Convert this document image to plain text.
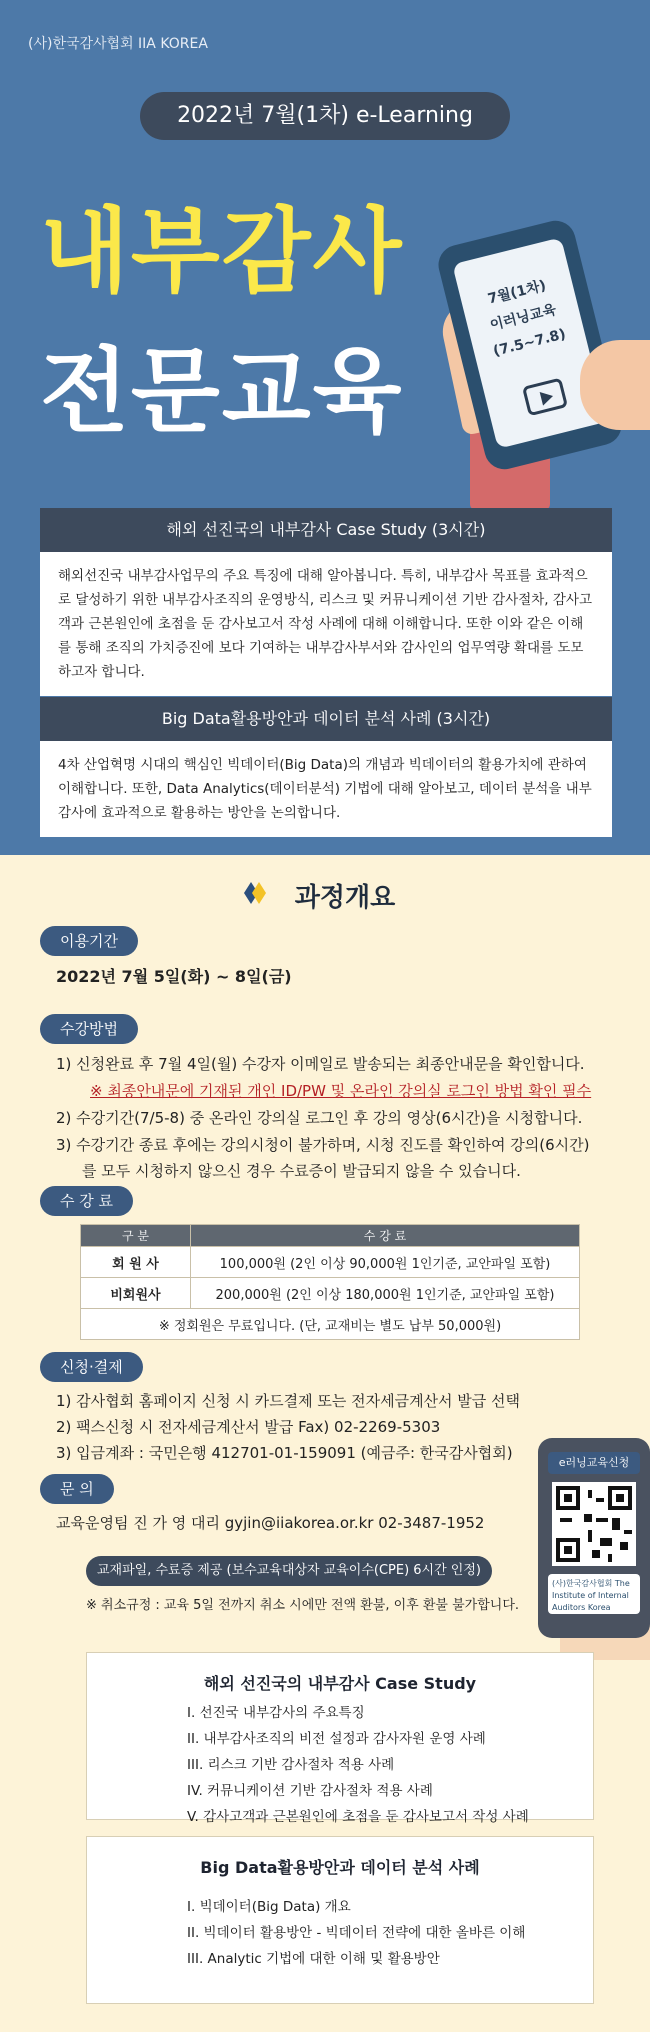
(사)한국감사협회 IIA KOREA
2022년 7월(1차) e-Learning
내부감사
전문교육
7월(1차)
이러닝교육
(7.5~7.8)
해외 선진국의 내부감사 Case Study (3시간)
해외선진국 내부감사업무의 주요 특징에 대해 알아봅니다. 특히, 내부감사 목표를 효과적으로 달성하기 위한 내부감사조직의 운영방식, 리스크 및 커뮤니케이션 기반 감사절차, 감사고객과 근본원인에 초점을 둔 감사보고서 작성 사례에 대해 이해합니다. 또한 이와 같은 이해를 통해 조직의 가치증진에 보다 기여하는 내부감사부서와 감사인의 업무역량 확대를 도모하고자 합니다.
Big Data활용방안과 데이터 분석 사례 (3시간)
4차 산업혁명 시대의 핵심인 빅데이터(Big Data)의 개념과 빅데이터의 활용가치에 관하여 이해합니다. 또한, Data Analytics(데이터분석) 기법에 대해 알아보고, 데이터 분석을 내부감사에 효과적으로 활용하는 방안을 논의합니다.
과정개요
이용기간
2022년 7월 5일(화) ~ 8일(금)
수강방법
1) 신청완료 후 7월 4일(월) 수강자 이메일로 발송되는 최종안내문을 확인합니다.
※ 최종안내문에 기재된 개인 ID/PW 및 온라인 강의실 로그인 방법 확인 필수
2) 수강기간(7/5-8) 중 온라인 강의실 로그인 후 강의 영상(6시간)을 시청합니다.
3) 수강기간 종료 후에는 강의시청이 불가하며, 시청 진도를 확인하여 강의(6시간)
를 모두 시청하지 않으신 경우 수료증이 발급되지 않을 수 있습니다.
수 강 료
구 분	수 강 료
회 원 사	100,000원 (2인 이상 90,000원 1인기준, 교안파일 포함)
비회원사	200,000원 (2인 이상 180,000원 1인기준, 교안파일 포함)
※ 정회원은 무료입니다. (단, 교재비는 별도 납부 50,000원)	
신청·결제
1) 감사협회 홈페이지 신청 시 카드결제 또는 전자세금계산서 발급 선택
2) 팩스신청 시 전자세금계산서 발급 Fax) 02-2269-5303
3) 입금계좌 : 국민은행 412701-01-159091 (예금주: 한국감사협회)
문 의
교육운영팀 진 가 영 대리 gyjin@iiakorea.or.kr 02-3487-1952
e러닝교육신청
(사)한국감사협회 The Institute of Internal Auditors Korea
교재파일, 수료증 제공 (보수교육대상자 교육이수(CPE) 6시간 인정)
※ 취소규정 : 교육 5일 전까지 취소 시에만 전액 환불, 이후 환불 불가합니다.
해외 선진국의 내부감사 Case Study
I. 선진국 내부감사의 주요특징
II. 내부감사조직의 비전 설정과 감사자원 운영 사례
III. 리스크 기반 감사절차 적용 사례
IV. 커뮤니케이션 기반 감사절차 적용 사례
V. 감사고객과 근본원인에 초점을 둔 감사보고서 작성 사례
Big Data활용방안과 데이터 분석 사례
I. 빅데이터(Big Data) 개요
II. 빅데이터 활용방안 - 빅데이터 전략에 대한 올바른 이해
III. Analytic 기법에 대한 이해 및 활용방안
